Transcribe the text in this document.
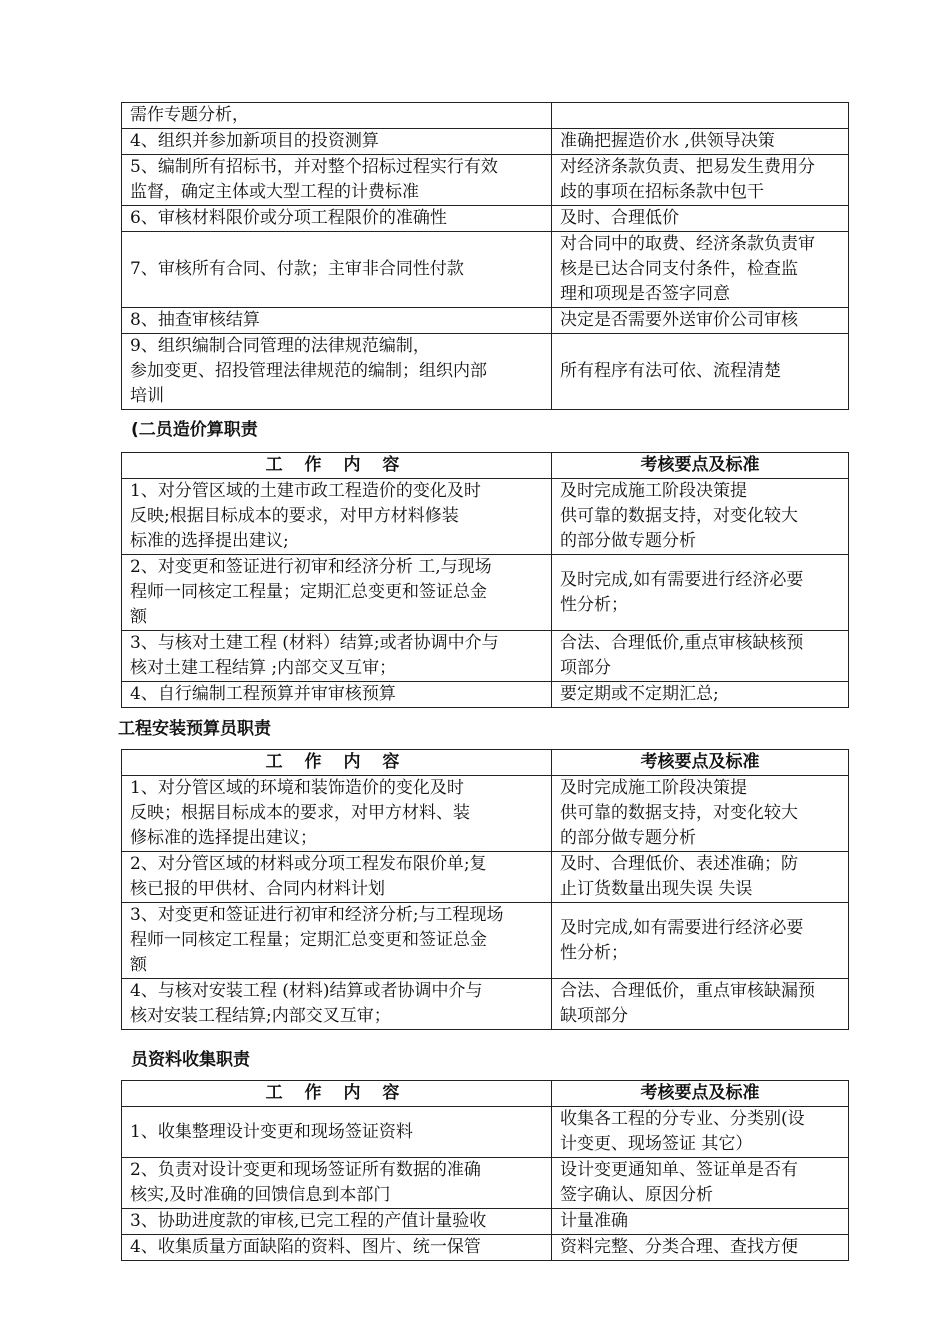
需作专题分析，	

4、组织并参加新项目的投资测算	准确把握造价水 ,供领导决策

5、编制所有招标书，并对整个招标过程实行有效
监督，确定主体或大型工程的计费标准	对经济条款负责、把易发生费用分
歧的事项在招标条款中包干

6、审核材料限价或分项工程限价的准确性	及时、合理低价

7、审核所有合同、付款；主审非合同性付款	对合同中的取费、经济条款负责审
核是已达合同支付条件，检查监
理和项现是否签字同意

8、抽查审核结算	决定是否需要外送审价公司审核

9、组织编制合同管理的法律规范编制，
参加变更、招投管理法律规范的编制；组织内部
培训	所有程序有法可依、流程清楚
(二员造价算职责
工 作 内 容	考核要点及标准

1、对分管区域的土建市政工程造价的变化及时
反映;根据目标成本的要求，对甲方材料修装
标准的选择提出建议;	及时完成施工阶段决策提
供可靠的数据支持，对变化较大
的部分做专题分析

2、对变更和签证进行初审和经济分析 工,与现场
程师一同核定工程量；定期汇总变更和签证总金
额	及时完成,如有需要进行经济必要
性分析；

3、与核对土建工程 (材料）结算;或者协调中介与
核对土建工程结算 ;内部交叉互审；	合法、合理低价,重点审核缺核预
项部分

4、自行编制工程预算并审审核预算	要定期或不定期汇总;
工程安装预算员职责
工 作 内 容	考核要点及标准

1、对分管区域的环境和装饰造价的变化及时
反映；根据目标成本的要求，对甲方材料、装
修标准的选择提出建议；	及时完成施工阶段决策提
供可靠的数据支持，对变化较大
的部分做专题分析

2、对分管区域的材料或分项工程发布限价单;复
核已报的甲供材、合同内材料计划	及时、合理低价、表述准确；防
止订货数量出现失误 失误

3、对变更和签证进行初审和经济分析;与工程现场
程师一同核定工程量；定期汇总变更和签证总金
额	及时完成,如有需要进行经济必要
性分析；

4、与核对安装工程 (材料)结算或者协调中介与
核对安装工程结算;内部交叉互审；	合法、合理低价，重点审核缺漏预
缺项部分
员资料收集职责
工 作 内 容	考核要点及标准

1、收集整理设计变更和现场签证资料	收集各工程的分专业、分类别(设
计变更、现场签证 其它）

2、负责对设计变更和现场签证所有数据的准确
核实,及时准确的回馈信息到本部门	设计变更通知单、签证单是否有
签字确认、原因分析

3、协助进度款的审核,已完工程的产值计量验收	计量准确

4、收集质量方面缺陷的资料、图片、统一保管	资料完整、分类合理、查找方便
